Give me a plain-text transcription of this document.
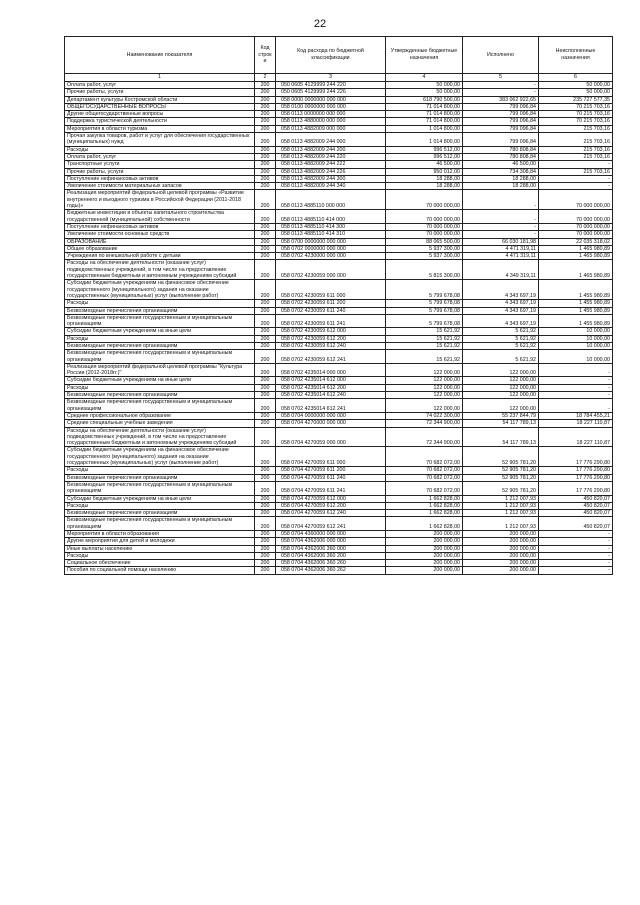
22
Наименование показателя	Код строк и	Код расхода по бюджетной классификации	Утвержденные бюджетные назначения	Исполнено	Неисполненные назначения
1	2	3	4	5	6
Оплата работ, услуг	200	050 0605 4129999 244 220	50 000,00	-	50 000,00
Прочие работы, услуги	200	050 0605 4129999 244 226	50 000,00	-	50 000,00
Департамент культуры Костромской области	200	058 0000 0000000 000 000	618 790 500,00	383 062 922,65	235 727 577,35
ОБЩЕГОСУДАРСТВЕННЫЕ ВОПРОСЫ	200	058 0100 0000000 000 000	71 014 800,00	799 096,84	70 215 703,16
Другие общегосударственные вопросы	200	058 0113 0000000 000 000	71 014 800,00	799 096,84	70 215 703,16
Поддержка туристической деятельности	200	058 0113 4880000 000 000	71 014 800,00	799 096,84	70 215 703,16
Мероприятия в области туризма	200	058 0113 4882009 000 000	1 014 800,00	799 096,84	215 703,16
Прочая закупка товаров, работ и услуг для обеспечения государственных (муниципальных) нужд	200	058 0113 4882009 244 000	1 014 800,00	799 096,84	215 703,16
Расходы	200	058 0113 4882009 244 200	996 512,00	780 808,84	215 703,16
Оплата работ, услуг	200	058 0113 4882009 244 220	996 512,00	780 808,84	215 703,16
Транспортные услуги	200	058 0113 4882009 244 222	46 500,00	46 500,00	-
Прочие работы, услуги	200	058 0113 4882009 244 226	950 012,00	734 308,84	215 703,16
Поступление нефинансовых активов	200	058 0113 4882009 244 300	18 288,00	18 288,00	-
Увеличение стоимости материальных запасов	200	058 0113 4882009 244 340	18 288,00	18 288,00	-
Реализация мероприятий федеральной целевой программы «Развитие внутреннего и въездного туризма в Российской Федерации (2011-2018 годы)»	200	058 0113 4885110 000 000	70 000 000,00	-	70 000 000,00
Бюджетные инвестиции в объекты капитального строительства государственной (муниципальной) собственности	200	058 0113 4885110 414 000	70 000 000,00	-	70 000 000,00
Поступление нефинансовых активов	200	058 0113 4885110 414 300	70 000 000,00	-	70 000 000,00
Увеличение стоимости основных средств	200	058 0113 4885110 414 310	70 000 000,00	-	70 000 000,00
ОБРАЗОВАНИЕ	200	058 0700 0000000 000 000	88 065 500,00	66 030 181,98	22 035 318,02
Общее образование	200	058 0702 0000000 000 000	5 937 300,00	4 471 319,11	1 465 980,89
Учреждения по внешкольной работе с детьми	200	058 0702 4230000 000 000	5 937 300,00	4 471 319,11	1 465 980,89
Расходы на обеспечение деятельности (оказание услуг) подведомственных учреждений, в том числе на предоставление государственным бюджетным и автономным учреждениям субсидий	200	058 0702 4230059 000 000	5 815 300,00	4 349 319,11	1 465 980,89
Субсидии бюджетным учреждениям на финансовое обеспечение государственного (муниципального) задания на оказание государственных (муниципальных) услуг (выполнение работ)	200	058 0702 4230059 611 000	5 799 678,08	4 343 697,19	1 455 980,89
Расходы	200	058 0702 4230059 611 200	5 799 678,08	4 343 697,19	1 455 980,89
Безвозмездные перечисления организациям	200	058 0702 4230059 611 240	5 799 678,08	4 343 697,19	1 455 980,89
Безвозмездные перечисления государственным и муниципальным организациям	200	058 0702 4230059 611 241	5 799 678,08	4 343 697,19	1 455 980,89
Субсидии бюджетным учреждениям на иные цели	200	058 0702 4230059 612 000	15 621,92	5 621,92	10 000,00
Расходы	200	058 0702 4230059 612 200	15 621,92	5 621,92	10 000,00
Безвозмездные перечисления организациям	200	058 0702 4230059 612 240	15 621,92	5 621,92	10 000,00
Безвозмездные перечисления государственным и муниципальным организациям	200	058 0702 4230059 612 241	15 621,92	5 621,92	10 000,00
Реализация мероприятий федеральной целевой программы "Культура России (2012-2018гг.)"	200	058 0702 4235014 000 000	122 000,00	122 000,00	-
Субсидии бюджетным учреждениям на иные цели	200	058 0702 4235014 612 000	122 000,00	122 000,00	-
Расходы	200	058 0702 4235014 612 200	122 000,00	122 000,00	-
Безвозмездные перечисления организациям	200	058 0702 4235014 612 240	122 000,00	122 000,00	-
Безвозмездные перечисления государственным и муниципальным организациям	200	058 0702 4235014 612 241	122 000,00	122 000,00	-
Среднее профессиональное образование	200	058 0704 0000000 000 000	74 022 300,00	55 237 844,79	18 784 455,21
Средние специальные учебные заведения	200	058 0704 4270000 000 000	72 344 900,00	54 117 789,13	18 227 110,87
Расходы на обеспечение деятельности (оказание услуг) подведомственных учреждений, в том числе на предоставление государственным бюджетным и автономным учреждениям субсидий	200	058 0704 4270059 000 000	72 344 900,00	54 117 789,13	18 227 110,87
Субсидии бюджетным учреждениям на финансовое обеспечение государственного (муниципального) задания на оказание государственных (муниципальных) услуг (выполнение работ)	200	058 0704 4270059 611 000	70 682 072,00	52 905 781,20	17 776 290,80
Расходы	200	058 0704 4270059 611 200	70 682 072,00	52 905 781,20	17 776 290,80
Безвозмездные перечисления организациям	200	058 0704 4270059 611 240	70 682 072,00	52 905 781,20	17 776 290,80
Безвозмездные перечисления государственным и муниципальным организациям	200	058 0704 4270059 611 241	70 682 072,00	52 905 781,20	17 776 290,80
Субсидии бюджетным учреждениям на иные цели	200	058 0704 4270059 612 000	1 662 828,00	1 212 007,93	450 820,07
Расходы	200	058 0704 4270059 612 200	1 662 828,00	1 212 007,93	450 820,07
Безвозмездные перечисления организациям	200	058 0704 4270059 612 240	1 662 828,00	1 212 007,93	450 820,07
Безвозмездные перечисления государственным и муниципальным организациям	200	058 0704 4270059 612 241	1 662 828,00	1 212 007,93	450 820,07
Мероприятия в области образования	200	058 0704 4360000 000 000	200 000,00	200 000,00	-
Другие мероприятия для детей и молодежи	200	058 0704 4362006 000 000	200 000,00	200 000,00	-
Иные выплаты населению	200	058 0704 4362006 360 000	200 000,00	200 000,00	-
Расходы	200	058 0704 4362006 360 200	200 000,00	200 000,00	-
Социальное обеспечение	200	058 0704 4362006 360 260	200 000,00	200 000,00	-
Пособия по социальной помощи населению	200	058 0704 4362006 360 262	200 000,00	200 000,00	-
